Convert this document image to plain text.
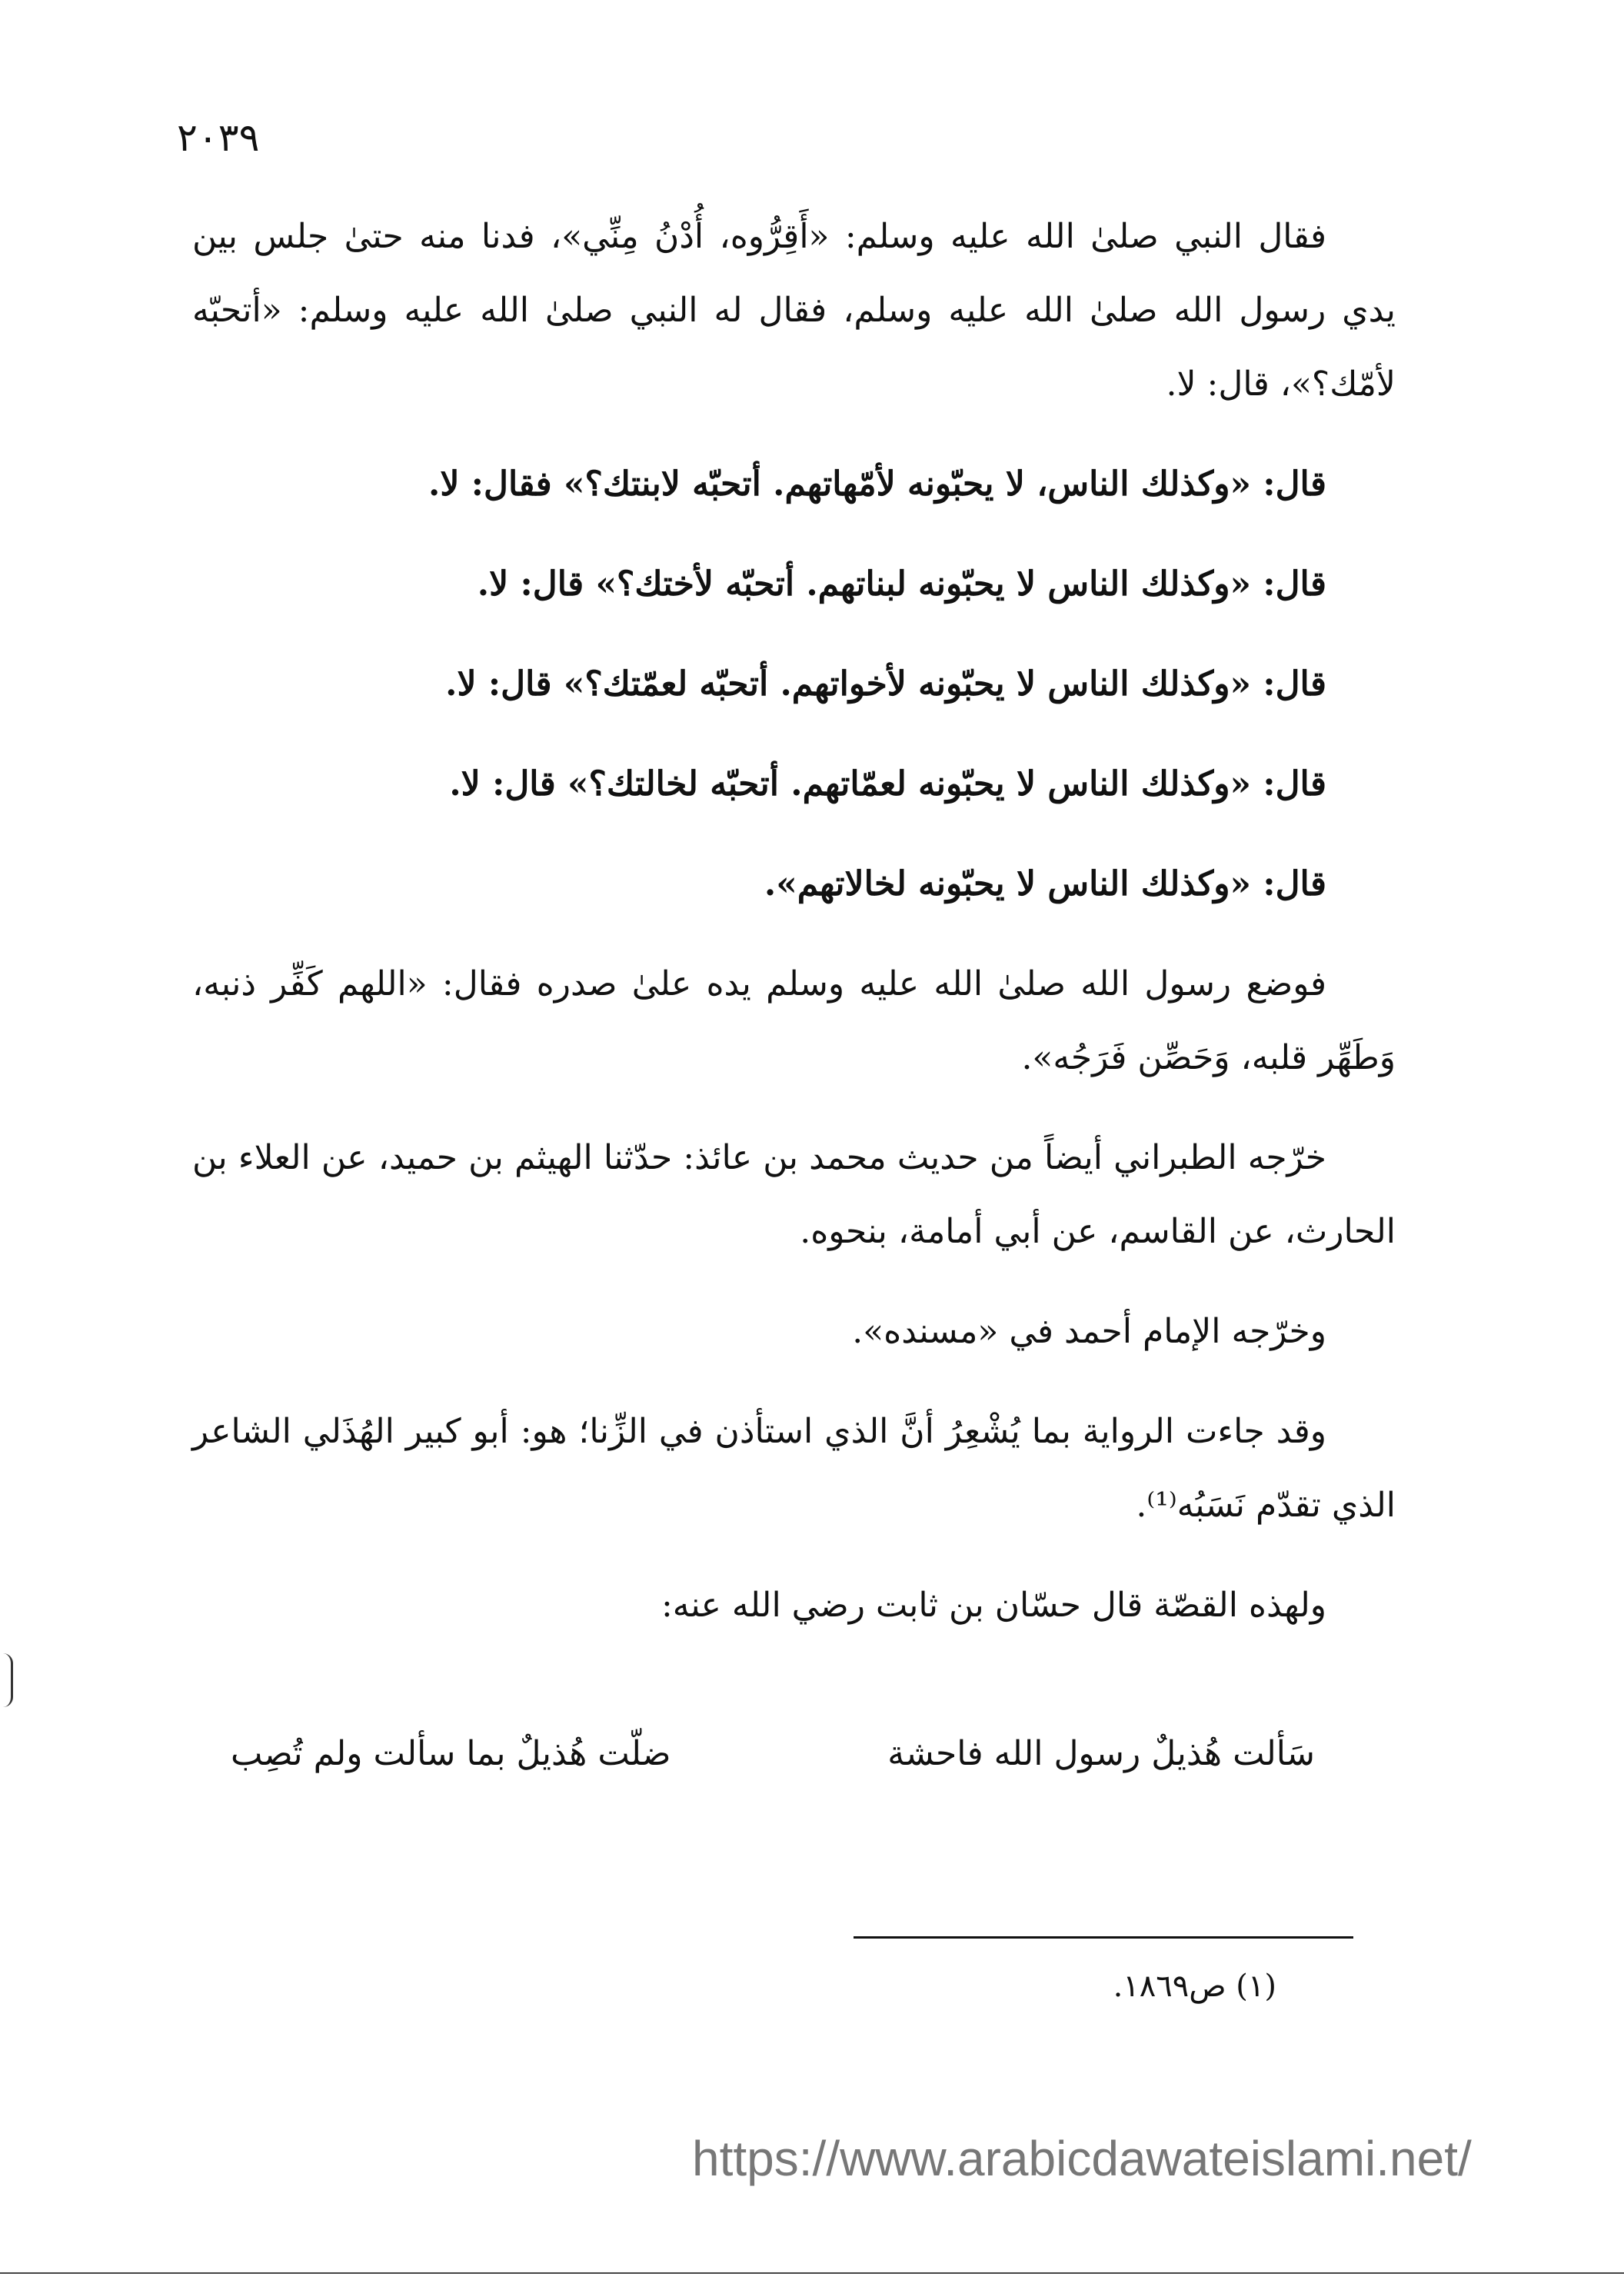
٢٠٣٩

فقال النبي صلىٰ الله عليه وسلم: «أَقِرُّوه، أُدْنُ مِنِّي»، فدنا منه حتىٰ جلس بين يدي رسول الله صلىٰ الله عليه وسلم، فقال له النبي صلىٰ الله عليه وسلم: «أتحبّه لأمّك؟»، قال: لا.

قال: «وكذلك الناس، لا يحبّونه لأمّهاتهم. أتحبّه لابنتك؟» فقال: لا.

قال: «وكذلك الناس لا يحبّونه لبناتهم. أتحبّه لأختك؟» قال: لا.

قال: «وكذلك الناس لا يحبّونه لأخواتهم. أتحبّه لعمّتك؟» قال: لا.

قال: «وكذلك الناس لا يحبّونه لعمّاتهم. أتحبّه لخالتك؟» قال: لا.

قال: «وكذلك الناس لا يحبّونه لخالاتهم».

فوضع رسول الله صلىٰ الله عليه وسلم يده علىٰ صدره فقال: «اللهم كَفِّر ذنبه، وَطَهِّر قلبه، وَحَصِّن فَرَجُه».

خرّجه الطبراني أيضاً من حديث محمد بن عائذ: حدّثنا الهيثم بن حميد، عن العلاء بن الحارث، عن القاسم، عن أبي أمامة، بنحوه.

وخرّجه الإمام أحمد في «مسنده».

وقد جاءت الرواية بما يُشْعِرُ أنَّ الذي استأذن في الزِّنا؛ هو: أبو كبير الهُذَلي الشاعر الذي تقدّم نَسَبُه⁽¹⁾.

ولهذه القصّة قال حسّان بن ثابت رضي الله عنه:

سَألت هُذيلٌ رسول الله فاحشة
ضلّت هُذيلٌ بما سألت ولم تُصِب
(١) ص١٨٦٩.
https://www.arabicdawateislami.net/
